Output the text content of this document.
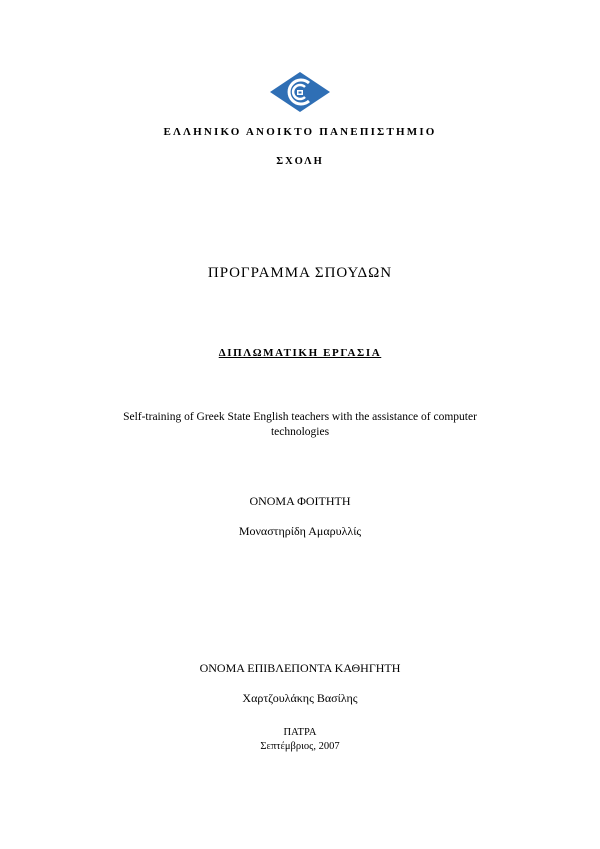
ΕΛΛΗΝΙΚΟ ΑΝΟΙΚΤΟ ΠΑΝΕΠΙΣΤΗΜΙΟ
ΣΧΟΛΗ
ΠΡΟΓΡΑΜΜΑ ΣΠΟΥΔΩΝ
ΔΙΠΛΩΜΑΤΙΚΗ ΕΡΓΑΣΙΑ
Self-training of Greek State English teachers with the assistance of computer technologies
ΟΝΟΜΑ ΦΟΙΤΗΤΗ
Μοναστηρίδη Αμαρυλλίς
ΟΝΟΜΑ ΕΠΙΒΛΕΠΟΝΤΑ ΚΑΘΗΓΗΤΗ
Χαρτζουλάκης Βασίλης
ΠΑΤΡΑ
Σεπτέμβριος, 2007
